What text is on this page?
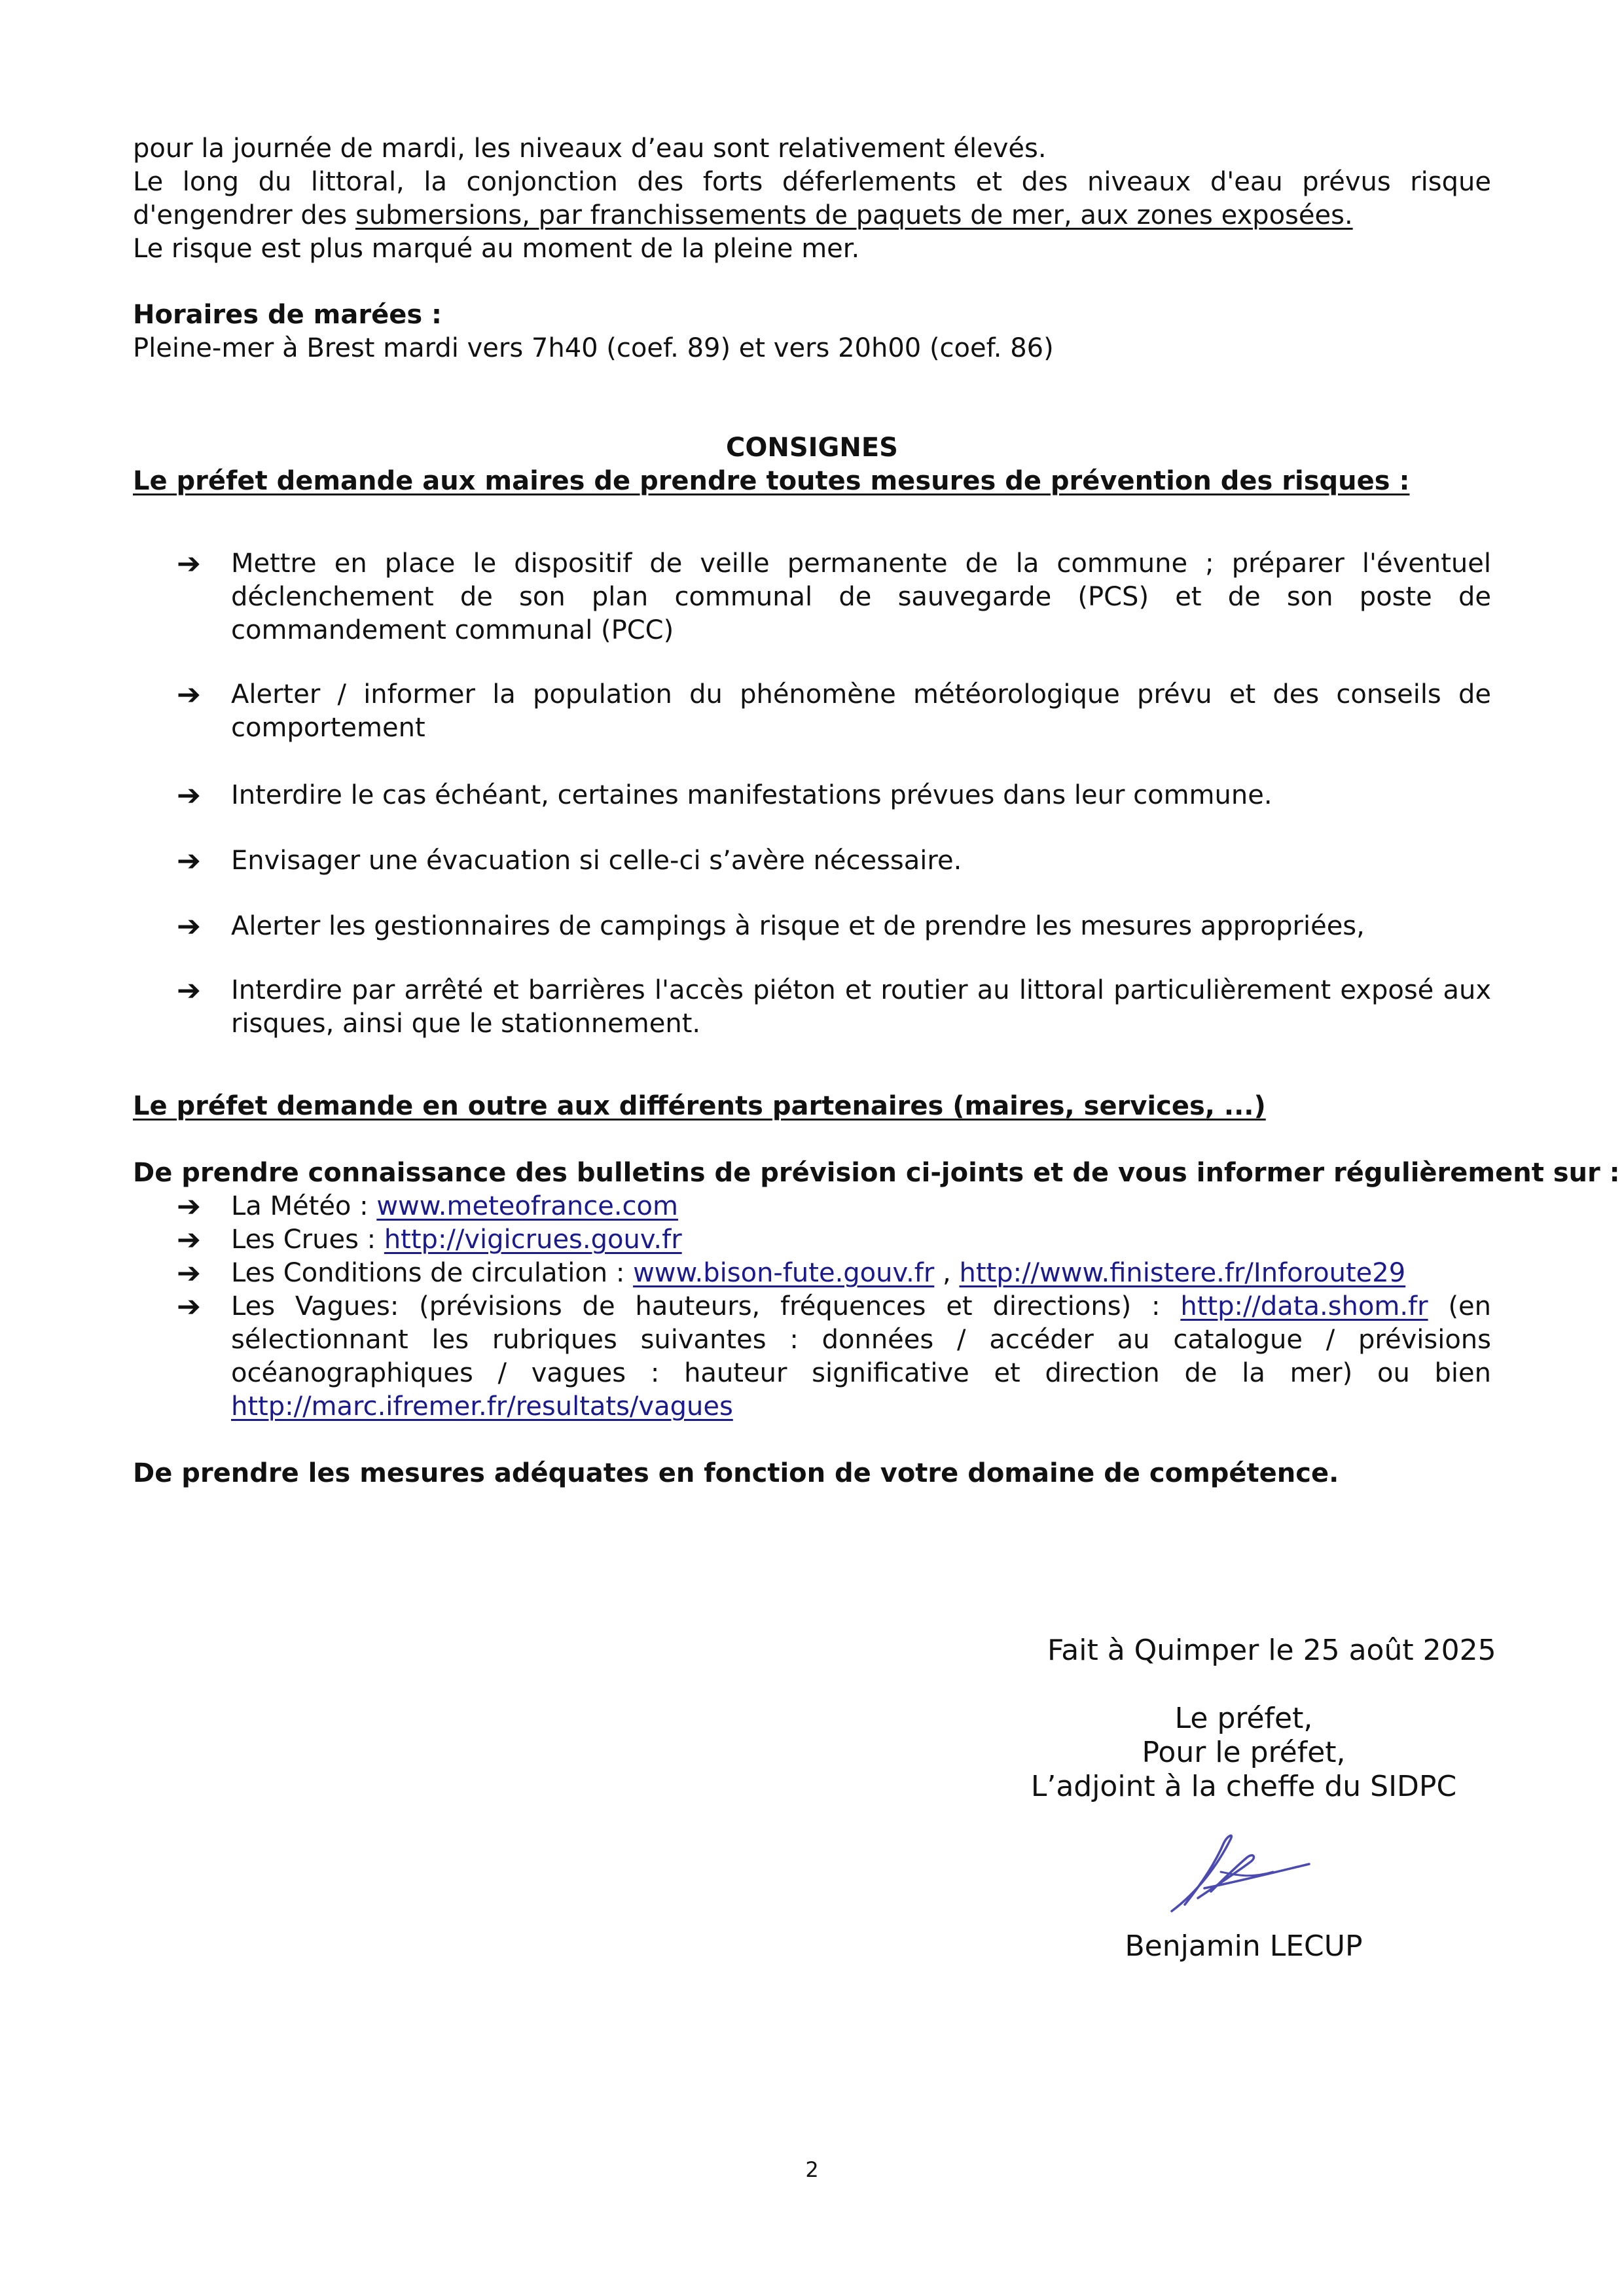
pour la journée de mardi, les niveaux d’eau sont relativement élevés.
Le long du littoral, la conjonction des forts déferlements et des niveaux d'eau prévus risque
d'engendrer des submersions, par franchissements de paquets de mer, aux zones exposées.
Le risque est plus marqué au moment de la pleine mer.
Horaires de marées :
Pleine-mer à Brest mardi vers 7h40 (coef. 89) et vers 20h00 (coef. 86)
CONSIGNES
Le préfet demande aux maires de prendre toutes mesures de prévention des risques :
➔ Mettre en place le dispositif de veille permanente de la commune ; préparer l'éventuel
déclenchement de son plan communal de sauvegarde (PCS) et de son poste de
commandement communal (PCC)
➔ Alerter / informer la population du phénomène météorologique prévu et des conseils de
comportement
➔ Interdire le cas échéant, certaines manifestations prévues dans leur commune.
➔ Envisager une évacuation si celle-ci s’avère nécessaire.
➔ Alerter les gestionnaires de campings à risque et de prendre les mesures appropriées,
➔ Interdire par arrêté et barrières l'accès piéton et routier au littoral particulièrement exposé aux
risques, ainsi que le stationnement.
Le préfet demande en outre aux différents partenaires (maires, services, ...)
De prendre connaissance des bulletins de prévision ci-joints et de vous informer régulièrement sur :
➔ La Météo : www.meteofrance.com
➔ Les Crues : http://vigicrues.gouv.fr
➔ Les Conditions de circulation : www.bison-fute.gouv.fr , http://www.finistere.fr/Inforoute29
➔ Les Vagues: (prévisions de hauteurs, fréquences et directions) : http://data.shom.fr (en
sélectionnant les rubriques suivantes : données / accéder au catalogue / prévisions
océanographiques / vagues : hauteur significative et direction de la mer) ou bien
http://marc.ifremer.fr/resultats/vagues
De prendre les mesures adéquates en fonction de votre domaine de compétence.
Fait à Quimper le 25 août 2025
Le préfet,
Pour le préfet,
L’adjoint à la cheffe du SIDPC
Benjamin LECUP
2
